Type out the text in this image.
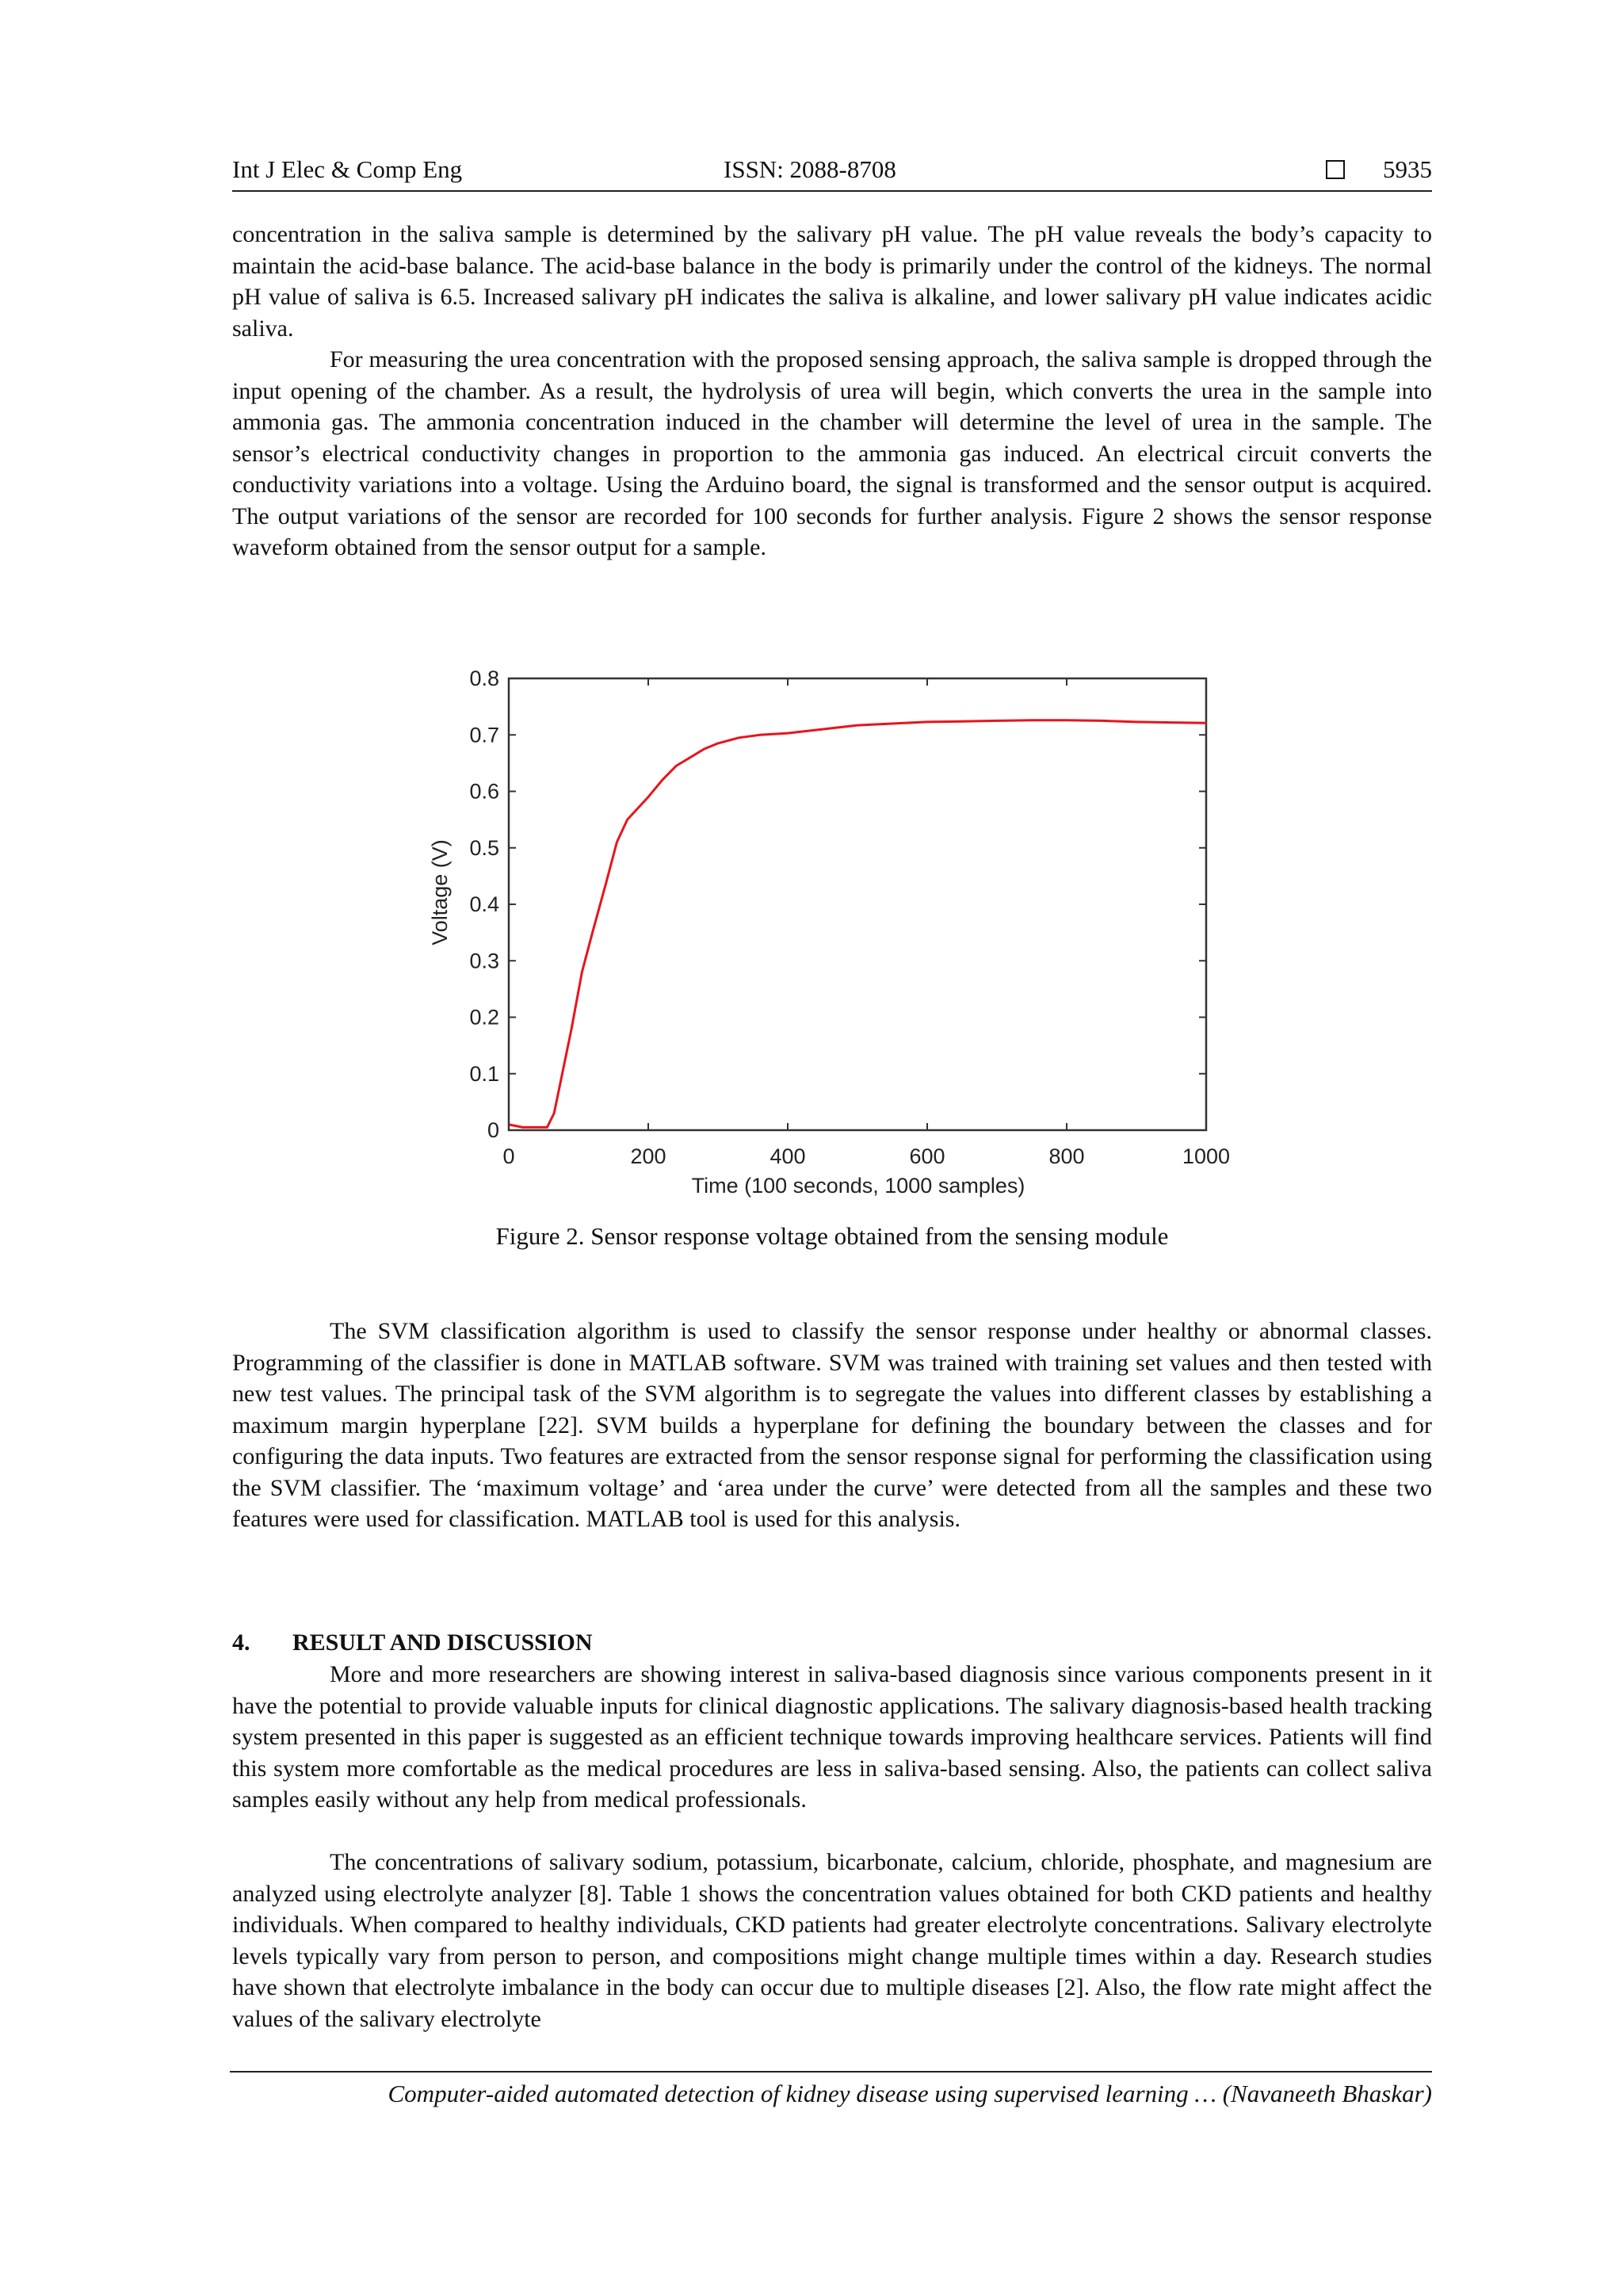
Int J Elec & Comp Eng	ISSN: 2088-8708	5935

concentration in the saliva sample is determined by the salivary pH value. The pH value reveals the body’s capacity to maintain the acid-base balance. The acid-base balance in the body is primarily under the control of the kidneys. The normal pH value of saliva is 6.5. Increased salivary pH indicates the saliva is alkaline, and lower salivary pH value indicates acidic saliva.

For measuring the urea concentration with the proposed sensing approach, the saliva sample is dropped through the input opening of the chamber. As a result, the hydrolysis of urea will begin, which converts the urea in the sample into ammonia gas. The ammonia concentration induced in the chamber will determine the level of urea in the sample. The sensor’s electrical conductivity changes in proportion to the ammonia gas induced. An electrical circuit converts the conductivity variations into a voltage. Using the Arduino board, the signal is transformed and the sensor output is acquired. The output variations of the sensor are recorded for 100 seconds for further analysis. Figure 2 shows the sensor response waveform obtained from the sensor output for a sample.

0	200	400	600	800	1000
0
0.1
0.2
0.3
0.4
0.5
0.6
0.7
0.8
Time (100 seconds, 1000 samples)
Voltage (V)
Figure 2. Sensor response voltage obtained from the sensing module

The SVM classification algorithm is used to classify the sensor response under healthy or abnormal classes. Programming of the classifier is done in MATLAB software. SVM was trained with training set values and then tested with new test values. The principal task of the SVM algorithm is to segregate the values into different classes by establishing a maximum margin hyperplane [22]. SVM builds a hyperplane for defining the boundary between the classes and for configuring the data inputs. Two features are extracted from the sensor response signal for performing the classification using the SVM classifier. The ‘maximum voltage’ and ‘area under the curve’ were detected from all the samples and these two features were used for classification. MATLAB tool is used for this analysis.

4. RESULT AND DISCUSSION

More and more researchers are showing interest in saliva-based diagnosis since various components present in it have the potential to provide valuable inputs for clinical diagnostic applications. The salivary diagnosis-based health tracking system presented in this paper is suggested as an efficient technique towards improving healthcare services. Patients will find this system more comfortable as the medical procedures are less in saliva-based sensing. Also, the patients can collect saliva samples easily without any help from medical professionals.

The concentrations of salivary sodium, potassium, bicarbonate, calcium, chloride, phosphate, and magnesium are analyzed using electrolyte analyzer [8]. Table 1 shows the concentration values obtained for both CKD patients and healthy individuals. When compared to healthy individuals, CKD patients had greater electrolyte concentrations. Salivary electrolyte levels typically vary from person to person, and compositions might change multiple times within a day. Research studies have shown that electrolyte imbalance in the body can occur due to multiple diseases [2]. Also, the flow rate might affect the values of the salivary electrolyte

Computer-aided automated detection of kidney disease using supervised learning … (Navaneeth Bhaskar)
